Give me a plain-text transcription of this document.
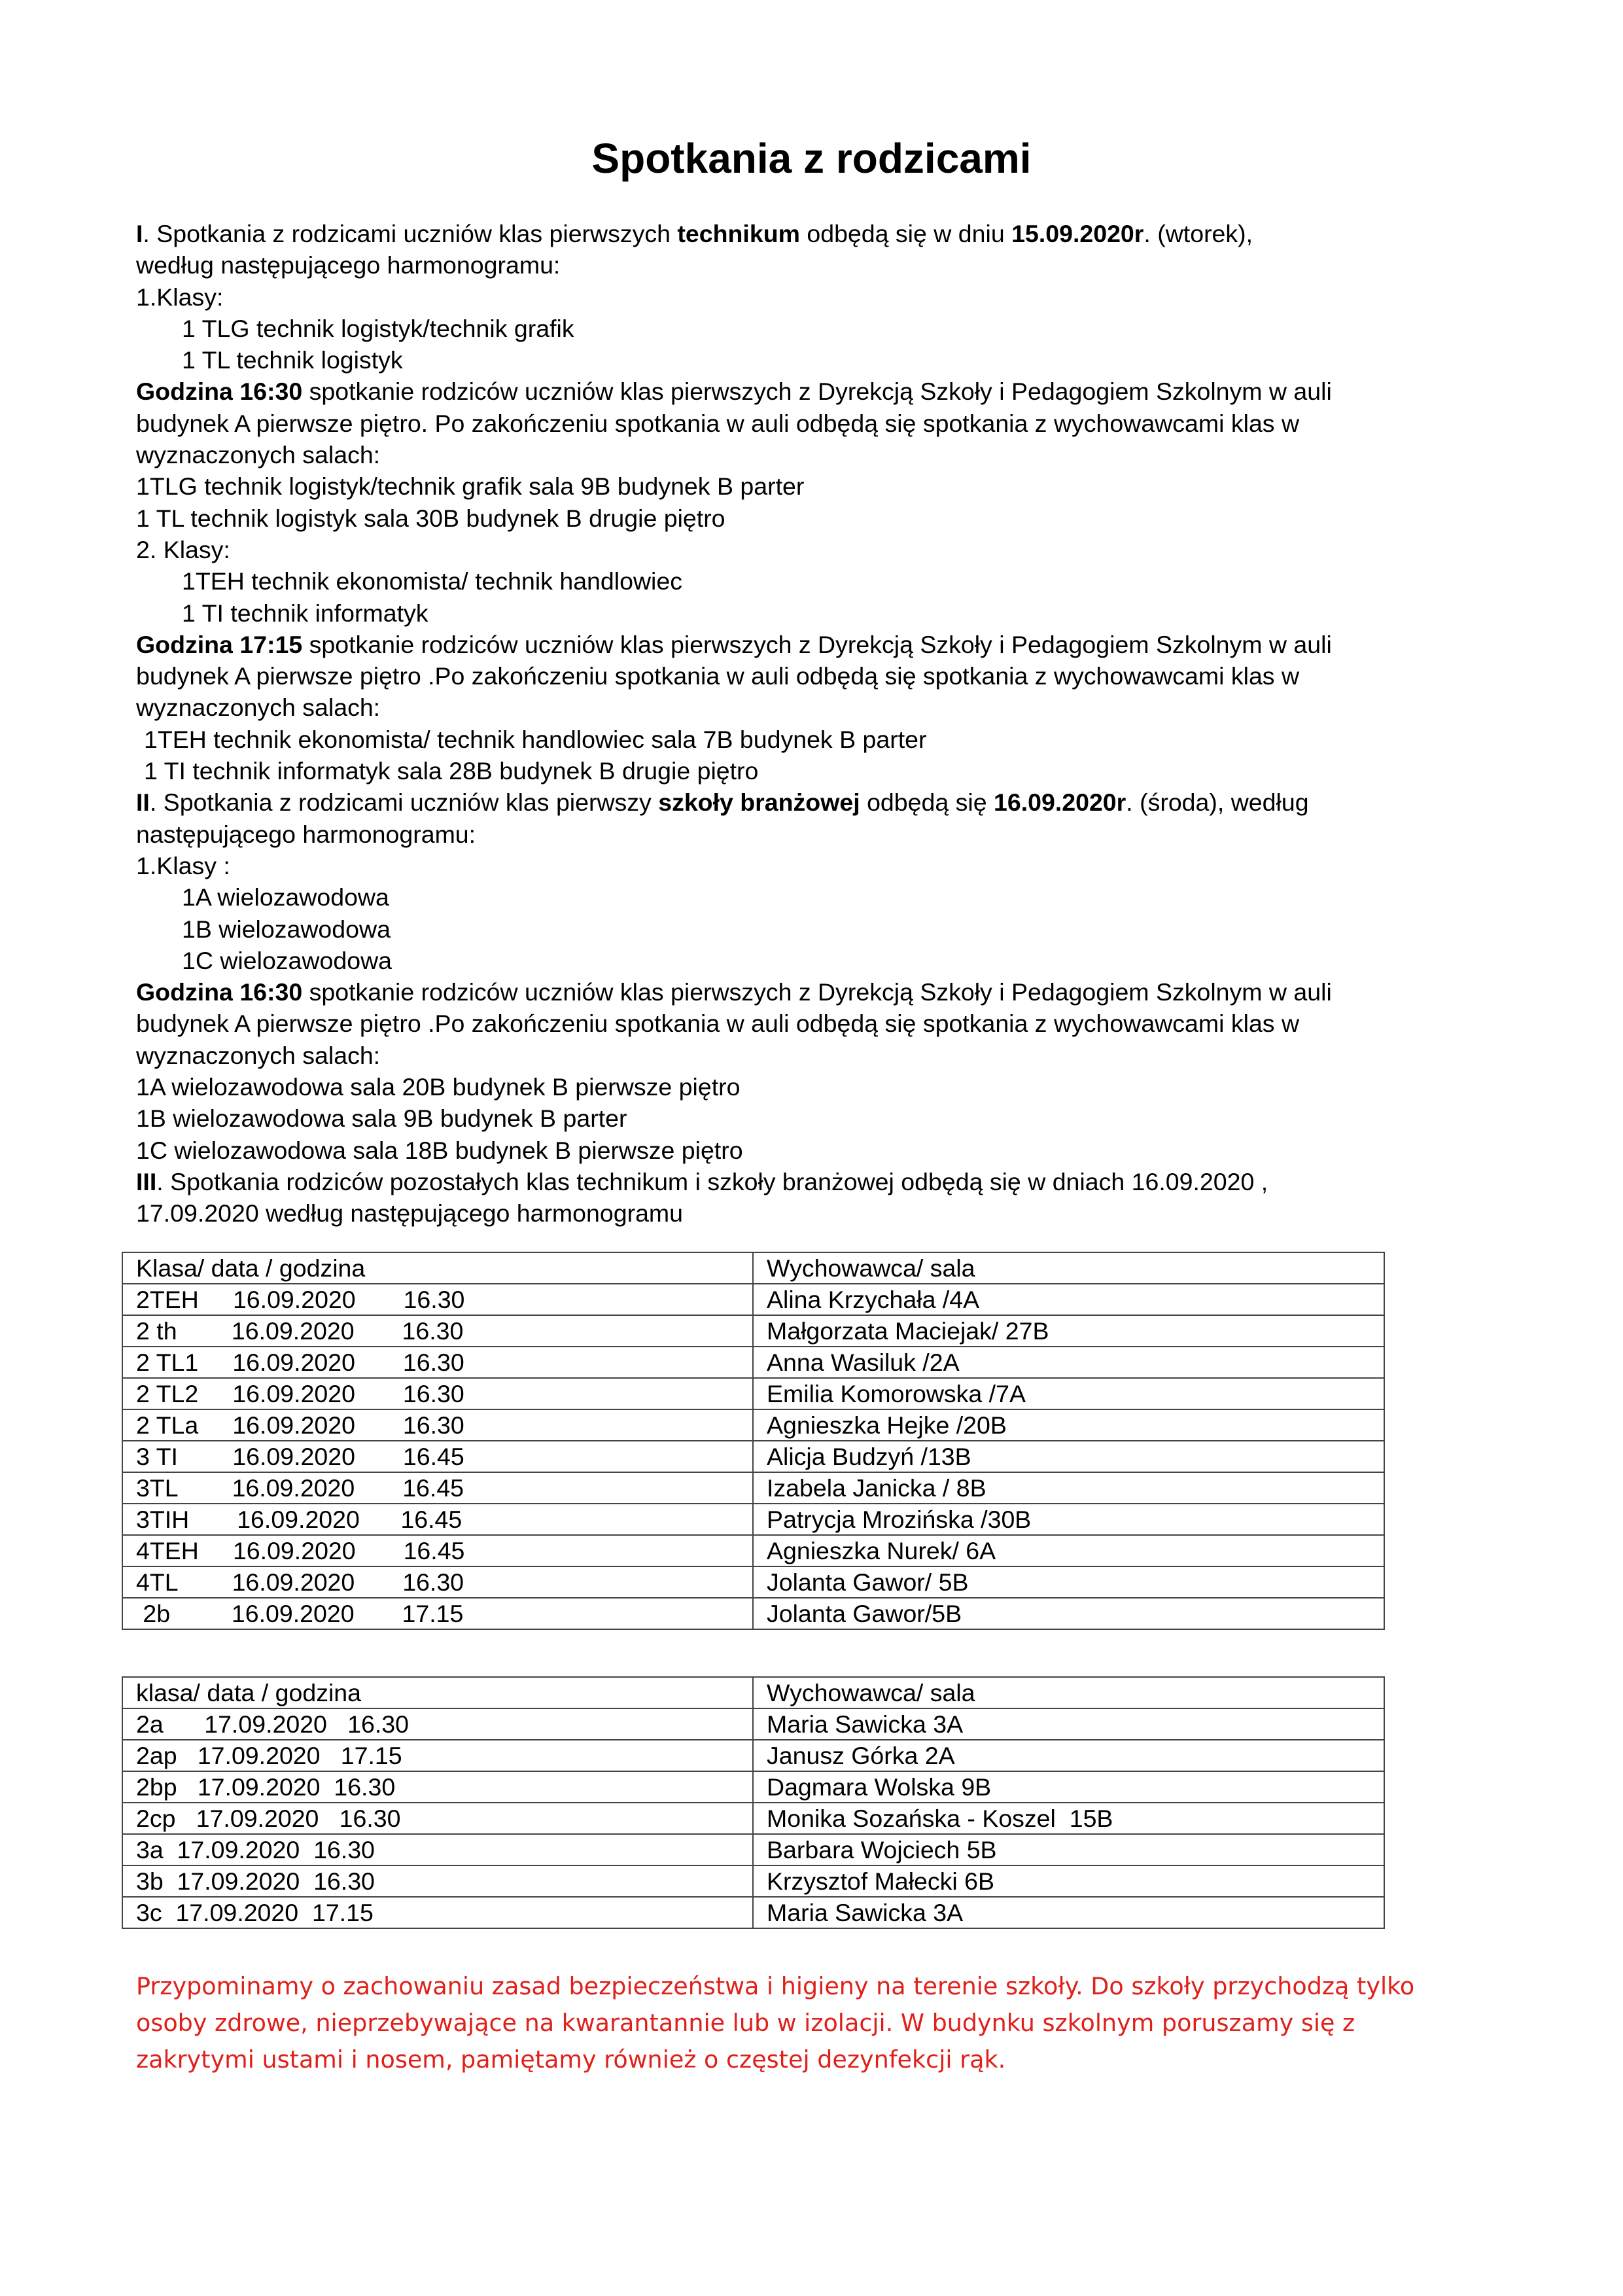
Spotkania z rodzicami
I. Spotkania z rodzicami uczniów klas pierwszych technikum odbędą się w dniu 15.09.2020r. (wtorek),
według następującego harmonogramu:
1.Klasy:
1 TLG technik logistyk/technik grafik
1 TL technik logistyk
Godzina 16:30 spotkanie rodziców uczniów klas pierwszych z Dyrekcją Szkoły i Pedagogiem Szkolnym w auli
budynek A pierwsze piętro. Po zakończeniu spotkania w auli odbędą się spotkania z wychowawcami klas w
wyznaczonych salach:
1TLG technik logistyk/technik grafik sala 9B budynek B parter
1 TL technik logistyk sala 30B budynek B drugie piętro
2. Klasy:
1TEH technik ekonomista/ technik handlowiec
1 TI technik informatyk
Godzina 17:15 spotkanie rodziców uczniów klas pierwszych z Dyrekcją Szkoły i Pedagogiem Szkolnym w auli
budynek A pierwsze piętro .Po zakończeniu spotkania w auli odbędą się spotkania z wychowawcami klas w
wyznaczonych salach:
1TEH technik ekonomista/ technik handlowiec sala 7B budynek B parter
1 TI technik informatyk sala 28B budynek B drugie piętro
II. Spotkania z rodzicami uczniów klas pierwszy szkoły branżowej odbędą się 16.09.2020r. (środa), według
następującego harmonogramu:
1.Klasy :
1A wielozawodowa
1B wielozawodowa
1C wielozawodowa
Godzina 16:30 spotkanie rodziców uczniów klas pierwszych z Dyrekcją Szkoły i Pedagogiem Szkolnym w auli
budynek A pierwsze piętro .Po zakończeniu spotkania w auli odbędą się spotkania z wychowawcami klas w
wyznaczonych salach:
1A wielozawodowa sala 20B budynek B pierwsze piętro
1B wielozawodowa sala 9B budynek B parter
1C wielozawodowa sala 18B budynek B pierwsze piętro
III. Spotkania rodziców pozostałych klas technikum i szkoły branżowej odbędą się w dniach 16.09.2020 ,
17.09.2020 według następującego harmonogramu
Klasa/ data / godzina	Wychowawca/ sala
2TEH     16.09.2020       16.30	Alina Krzychała /4A
2 th        16.09.2020       16.30	Małgorzata Maciejak/ 27B
2 TL1     16.09.2020       16.30	Anna Wasiluk /2A
2 TL2     16.09.2020       16.30	Emilia Komorowska /7A
2 TLa     16.09.2020       16.30	Agnieszka Hejke /20B
3 TI        16.09.2020       16.45	Alicja Budzyń /13B
3TL        16.09.2020       16.45	Izabela Janicka / 8B
3TIH       16.09.2020      16.45	Patrycja Mrozińska /30B
4TEH     16.09.2020       16.45	Agnieszka Nurek/ 6A
4TL        16.09.2020       16.30	Jolanta Gawor/ 5B
2b         16.09.2020       17.15	Jolanta Gawor/5B
klasa/ data / godzina	Wychowawca/ sala
2a      17.09.2020   16.30	Maria Sawicka 3A
2ap   17.09.2020   17.15	Janusz Górka 2A
2bp   17.09.2020  16.30	Dagmara Wolska 9B
2cp   17.09.2020   16.30	Monika Sozańska - Koszel  15B
3a  17.09.2020  16.30	Barbara Wojciech 5B
3b  17.09.2020  16.30	Krzysztof Małecki 6B
3c  17.09.2020  17.15	Maria Sawicka 3A
Przypominamy o zachowaniu zasad bezpieczeństwa i higieny na terenie szkoły. Do szkoły przychodzą tylko
osoby zdrowe, nieprzebywające na kwarantannie lub w izolacji. W budynku szkolnym poruszamy się z
zakrytymi ustami i nosem, pamiętamy również o częstej dezynfekcji rąk.
